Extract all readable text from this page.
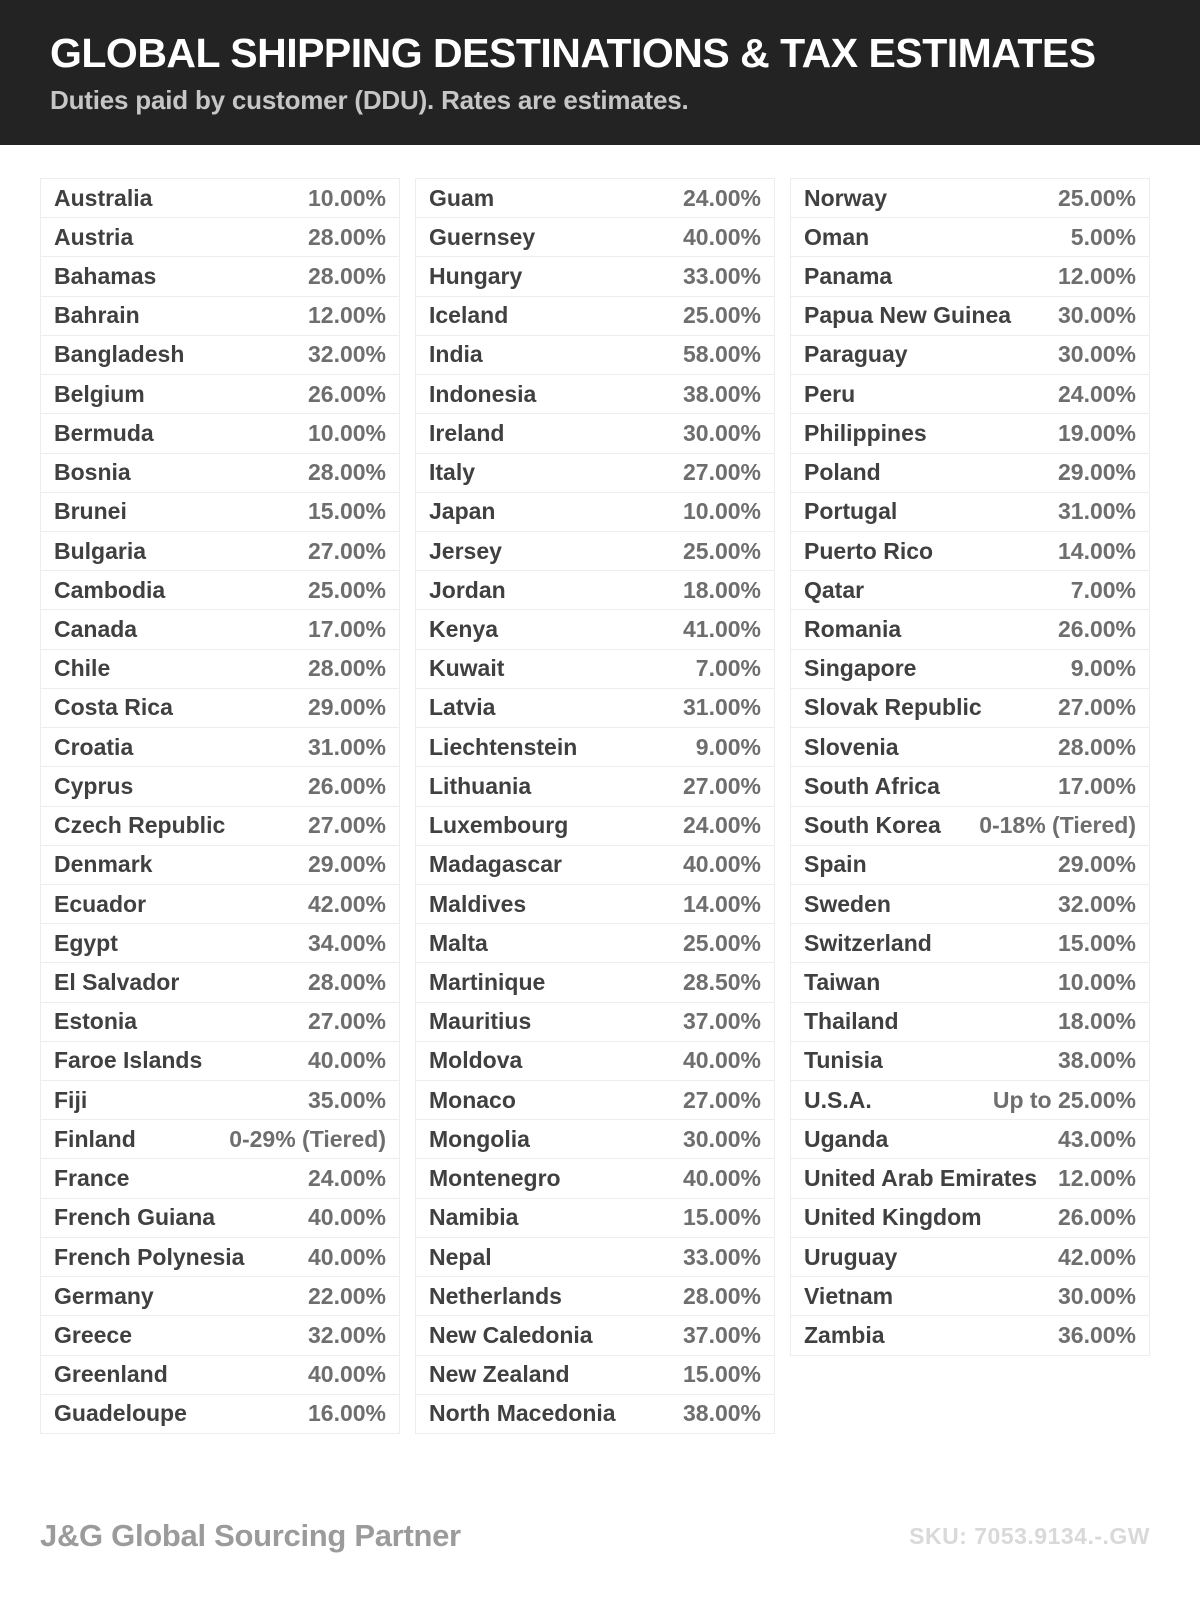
GLOBAL SHIPPING DESTINATIONS & TAX ESTIMATES
Duties paid by customer (DDU). Rates are estimates.
Australia	10.00%
Austria	28.00%
Bahamas	28.00%
Bahrain	12.00%
Bangladesh	32.00%
Belgium	26.00%
Bermuda	10.00%
Bosnia	28.00%
Brunei	15.00%
Bulgaria	27.00%
Cambodia	25.00%
Canada	17.00%
Chile	28.00%
Costa Rica	29.00%
Croatia	31.00%
Cyprus	26.00%
Czech Republic	27.00%
Denmark	29.00%
Ecuador	42.00%
Egypt	34.00%
El Salvador	28.00%
Estonia	27.00%
Faroe Islands	40.00%
Fiji	35.00%
Finland	0-29% (Tiered)
France	24.00%
French Guiana	40.00%
French Polynesia	40.00%
Germany	22.00%
Greece	32.00%
Greenland	40.00%
Guadeloupe	16.00%
Guam	24.00%
Guernsey	40.00%
Hungary	33.00%
Iceland	25.00%
India	58.00%
Indonesia	38.00%
Ireland	30.00%
Italy	27.00%
Japan	10.00%
Jersey	25.00%
Jordan	18.00%
Kenya	41.00%
Kuwait	7.00%
Latvia	31.00%
Liechtenstein	9.00%
Lithuania	27.00%
Luxembourg	24.00%
Madagascar	40.00%
Maldives	14.00%
Malta	25.00%
Martinique	28.50%
Mauritius	37.00%
Moldova	40.00%
Monaco	27.00%
Mongolia	30.00%
Montenegro	40.00%
Namibia	15.00%
Nepal	33.00%
Netherlands	28.00%
New Caledonia	37.00%
New Zealand	15.00%
North Macedonia	38.00%
Norway	25.00%
Oman	5.00%
Panama	12.00%
Papua New Guinea 30.00%
Paraguay	30.00%
Peru	24.00%
Philippines	19.00%
Poland	29.00%
Portugal	31.00%
Puerto Rico	14.00%
Qatar	7.00%
Romania	26.00%
Singapore	9.00%
Slovak Republic	27.00%
Slovenia	28.00%
South Africa	17.00%
South Korea 0-18% (Tiered)
Spain	29.00%
Sweden	32.00%
Switzerland	15.00%
Taiwan	10.00%
Thailand	18.00%
Tunisia	38.00%
U.S.A.	Up to 25.00%
Uganda	43.00%
United Arab Emirates 12.00%
United Kingdom	26.00%
Uruguay	42.00%
Vietnam	30.00%
Zambia	36.00%
J&G Global Sourcing Partner	SKU: 7053.9134.-.GW
